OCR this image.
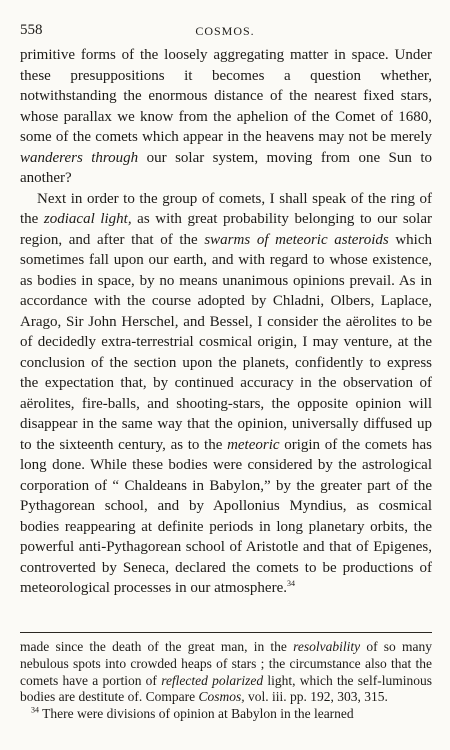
558	COSMOS.

primitive forms of the loosely aggregating matter in space. Under these presuppositions it becomes a question whether, notwithstanding the enormous distance of the nearest fixed stars, whose parallax we know from the aphelion of the Comet of 1680, some of the comets which appear in the heavens may not be merely wanderers through our solar system, moving from one Sun to another?

Next in order to the group of comets, I shall speak of the ring of the zodiacal light, as with great probability belonging to our solar region, and after that of the swarms of meteoric asteroids which sometimes fall upon our earth, and with regard to whose existence, as bodies in space, by no means unanimous opinions prevail. As in accordance with the course adopted by Chladni, Olbers, Laplace, Arago, Sir John Herschel, and Bessel, I consider the aërolites to be of decidedly extra-terrestrial cosmical origin, I may venture, at the conclusion of the section upon the planets, confidently to express the expectation that, by continued accuracy in the observation of aërolites, fire-balls, and shooting-stars, the opposite opinion will disappear in the same way that the opinion, universally diffused up to the sixteenth century, as to the meteoric origin of the comets has long done. While these bodies were considered by the astrological corporation of “ Chaldeans in Babylon,” by the greater part of the Pythagorean school, and by Apollonius Myndius, as cosmical bodies reappearing at definite periods in long planetary orbits, the powerful anti-Pythagorean school of Aristotle and that of Epigenes, controverted by Seneca, declared the comets to be productions of meteorological processes in our atmosphere.$^{34}$

made since the death of the great man, in the resolvability of so many nebulous spots into crowded heaps of stars ; the circumstance also that the comets have a portion of reflected polarized light, which the self-luminous bodies are destitute of. Compare Cosmos, vol. iii. pp. 192, 303, 315.

$^{34}$ There were divisions of opinion at Babylon in the learned
